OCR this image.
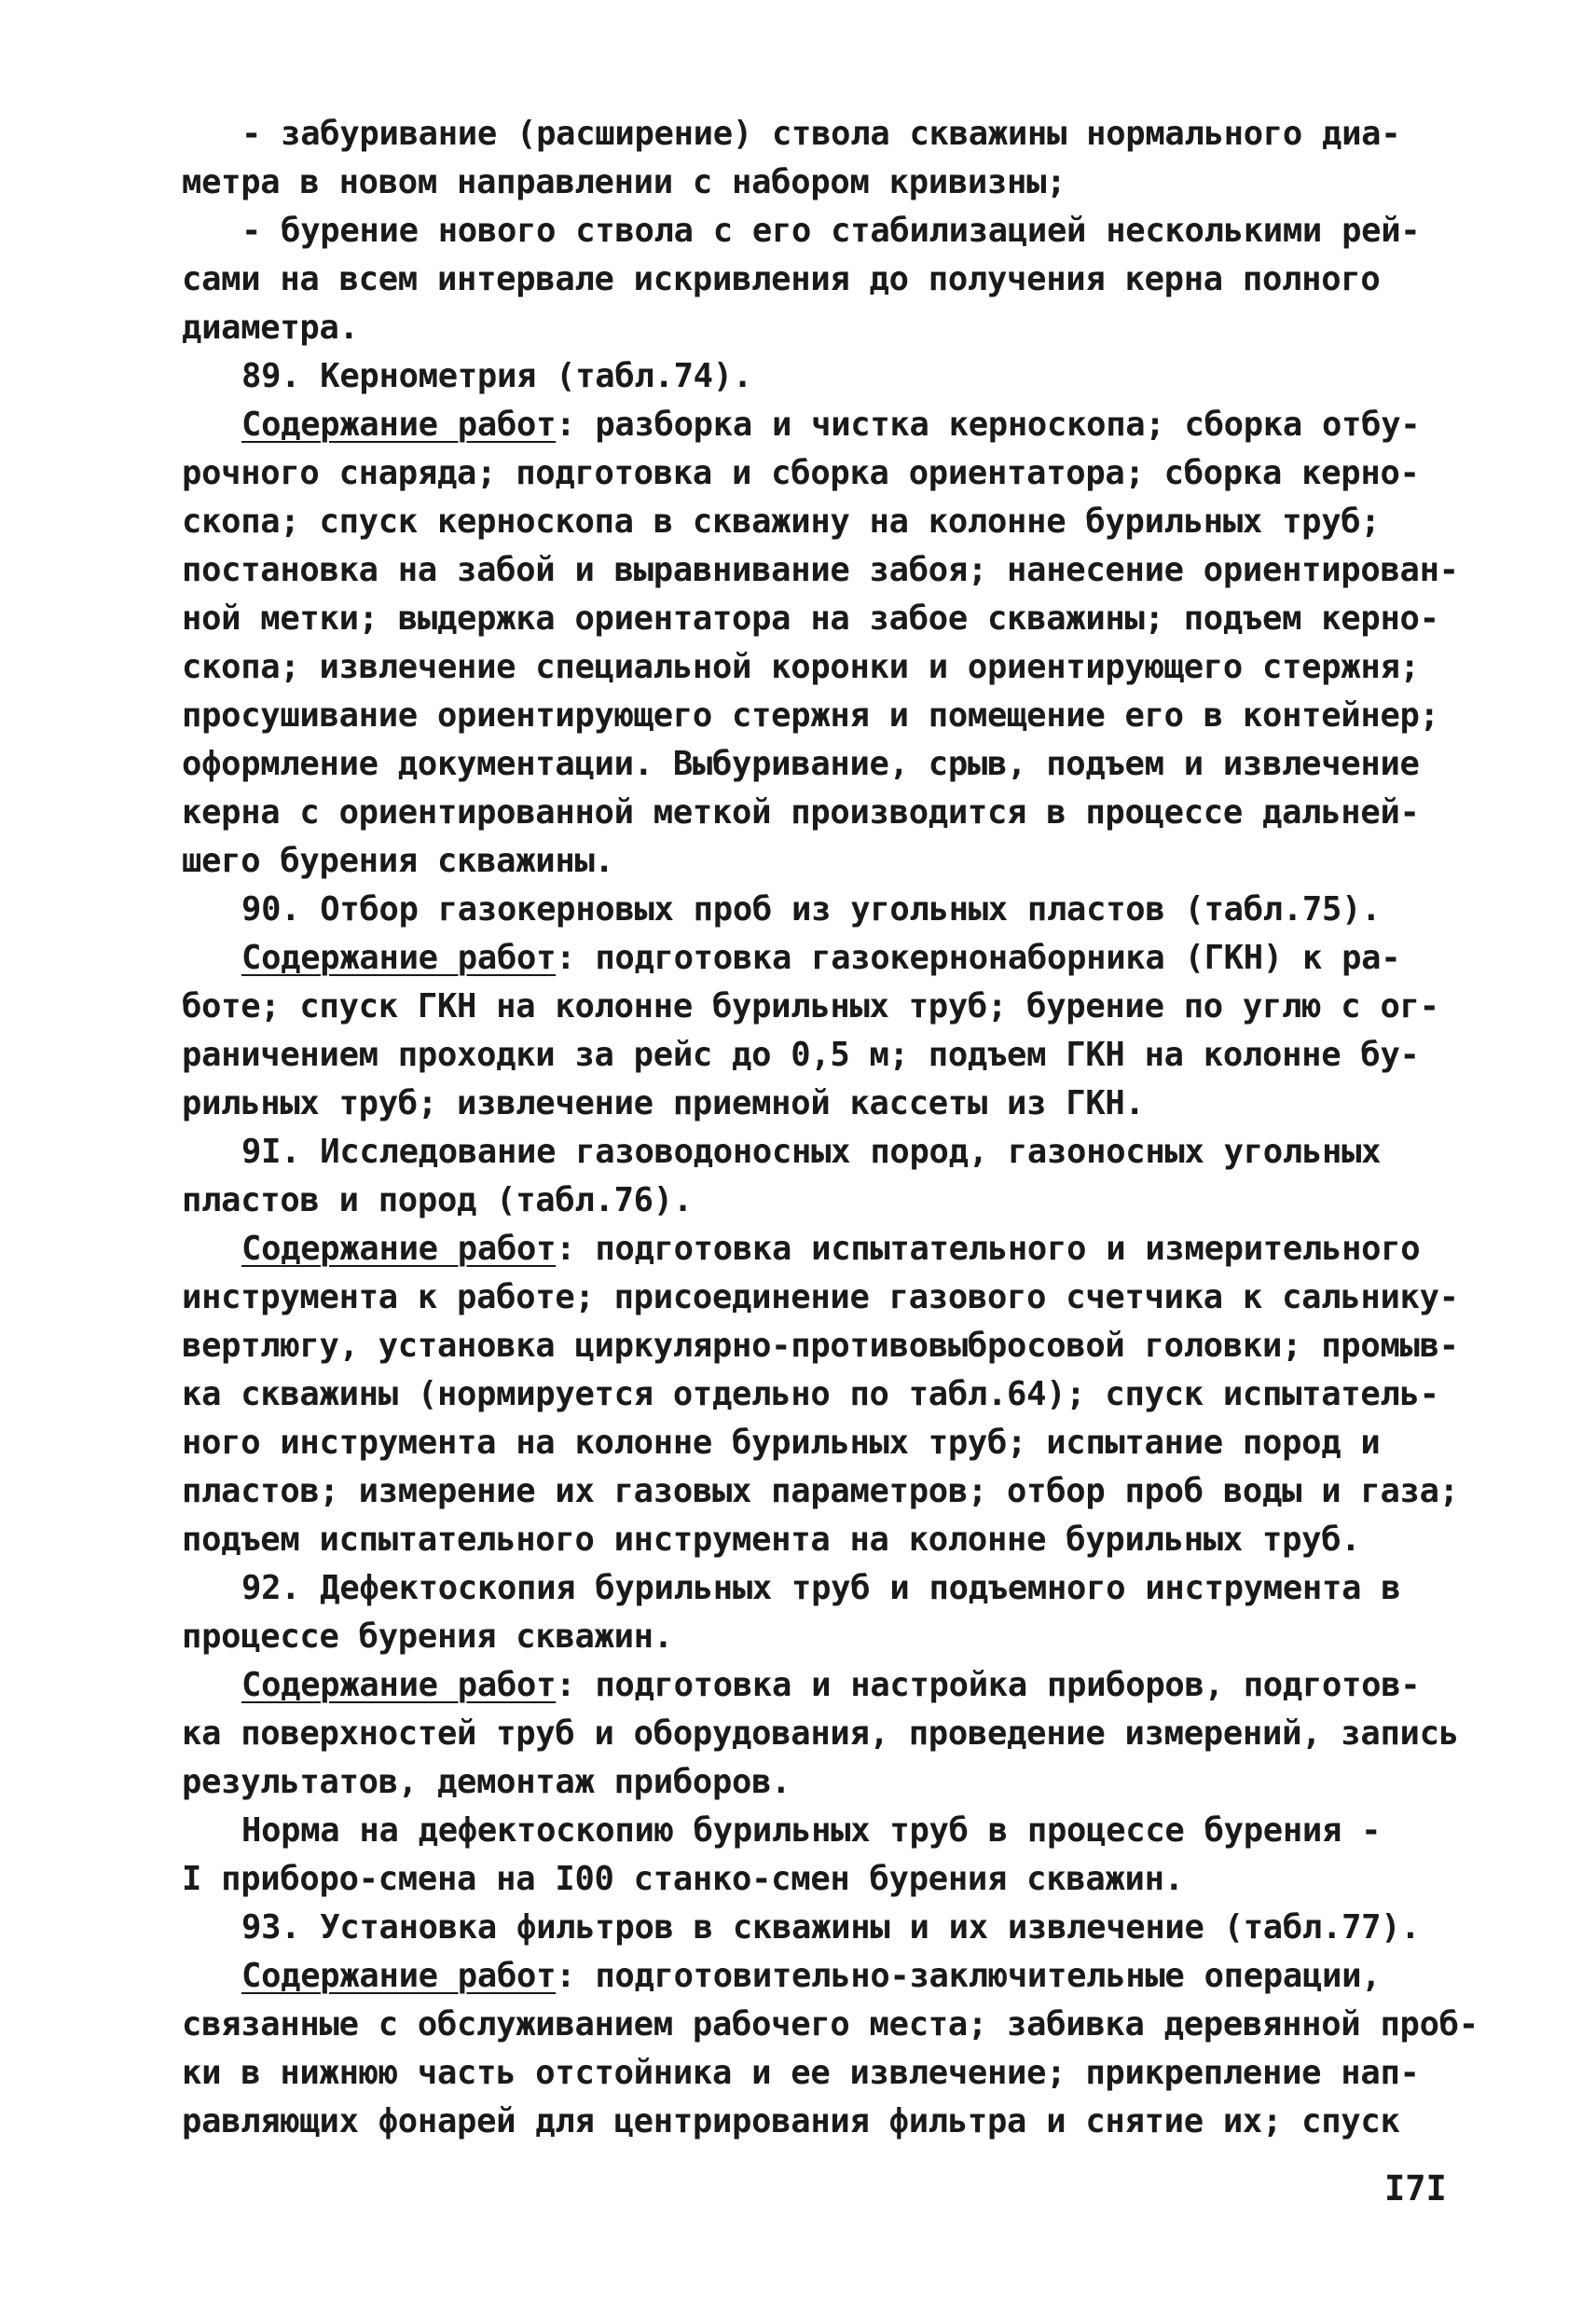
- забуривание (расширение) ствола скважины нормального диа-
метра в новом направлении с набором кривизны;
- бурение нового ствола с его стабилизацией несколькими рей-
сами на всем интервале искривления до получения керна полного
диаметра.
89. Кернометрия (табл.74).
Содержание работ: разборка и чистка керноскопа; сборка отбу-
рочного снаряда; подготовка и сборка ориентатора; сборка керно-
скопа; спуск керноскопа в скважину на колонне бурильных труб;
постановка на забой и выравнивание забоя; нанесение ориентирован-
ной метки; выдержка ориентатора на забое скважины; подъем керно-
скопа; извлечение специальной коронки и ориентирующего стержня;
просушивание ориентирующего стержня и помещение его в контейнер;
оформление документации. Выбуривание, срыв, подъем и извлечение
керна с ориентированной меткой производится в процессе дальней-
шего бурения скважины.
90. Отбор газокерновых проб из угольных пластов (табл.75).
Содержание работ: подготовка газокернонаборника (ГКН) к ра-
боте; спуск ГКН на колонне бурильных труб; бурение по углю с ог-
раничением проходки за рейс до 0,5 м; подъем ГКН на колонне бу-
рильных труб; извлечение приемной кассеты из ГКН.
9I. Исследование газоводоносных пород, газоносных угольных
пластов и пород (табл.76).
Содержание работ: подготовка испытательного и измерительного
инструмента к работе; присоединение газового счетчика к сальнику-
вертлюгу, установка циркулярно-противовыбросовой головки; промыв-
ка скважины (нормируется отдельно по табл.64); спуск испытатель-
ного инструмента на колонне бурильных труб; испытание пород и
пластов; измерение их газовых параметров; отбор проб воды и газа;
подъем испытательного инструмента на колонне бурильных труб.
92. Дефектоскопия бурильных труб и подъемного инструмента в
процессе бурения скважин.
Содержание работ: подготовка и настройка приборов, подготов-
ка поверхностей труб и оборудования, проведение измерений, запись
результатов, демонтаж приборов.
Норма на дефектоскопию бурильных труб в процессе бурения -
I приборо-смена на I00 станко-смен бурения скважин.
93. Установка фильтров в скважины и их извлечение (табл.77).
Содержание работ: подготовительно-заключительные операции,
связанные с обслуживанием рабочего места; забивка деревянной проб-
ки в нижнюю часть отстойника и ее извлечение; прикрепление нап-
равляющих фонарей для центрирования фильтра и снятие их; спуск
I7I
